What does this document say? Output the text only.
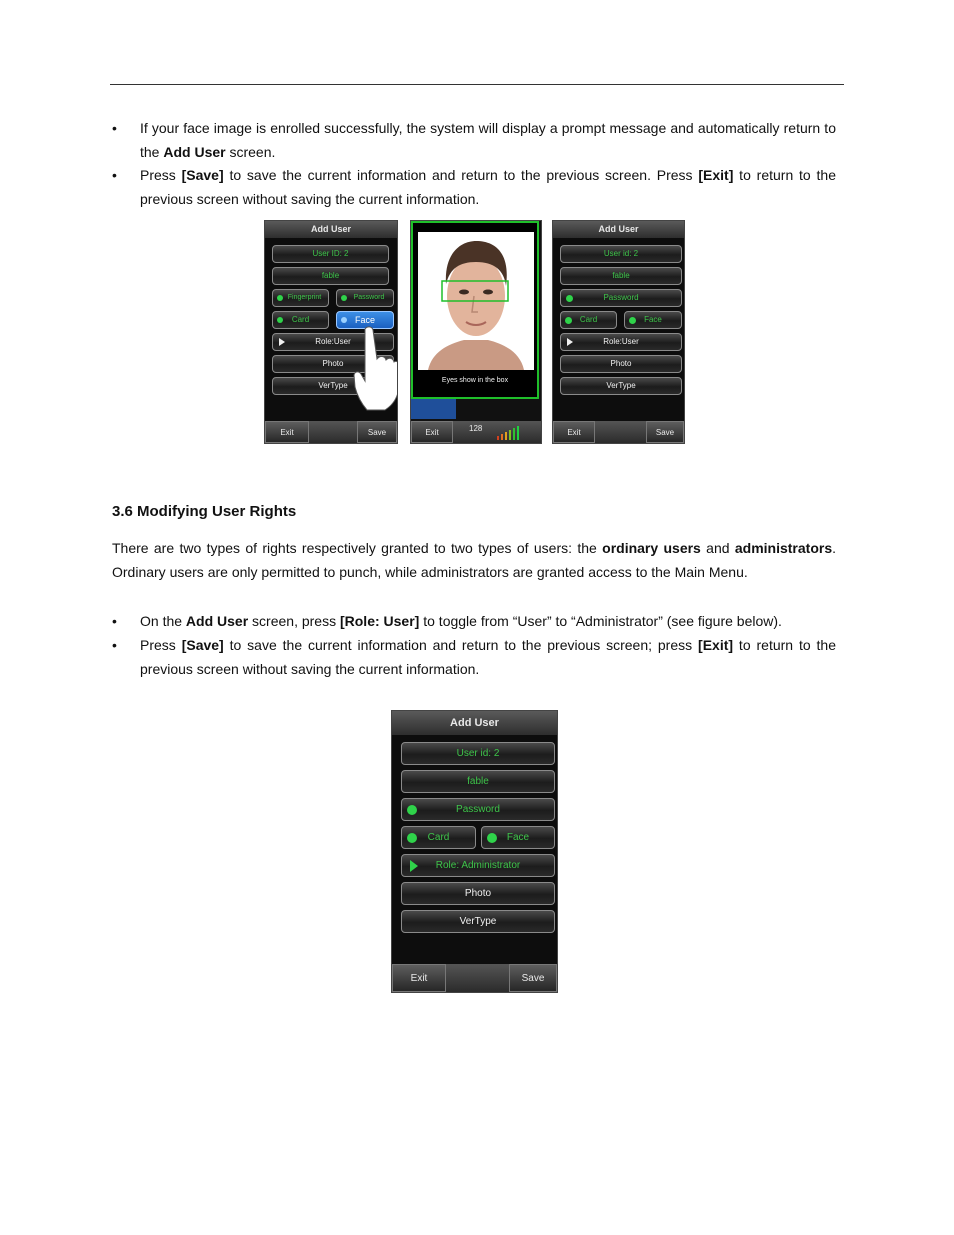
• If your face image is enrolled successfully, the system will display a prompt message and automatically return to the Add User screen.
• Press [Save] to save the current information and return to the previous screen. Press [Exit] to return to the previous screen without saving the current information.
Add User
User ID: 2
fable
Fingerprint	Password
Card	Face
Role:User
Photo
VerType
Exit	Save
Eyes show in the box
Exit	128
Add User
User id: 2
fable
Password
Card	Face
Role:User
Photo
VerType
Exit	Save
3.6 Modifying User Rights
There are two types of rights respectively granted to two types of users: the ordinary users and administrators. Ordinary users are only permitted to punch, while administrators are granted access to the Main Menu.
• On the Add User screen, press [Role: User] to toggle from “User” to “Administrator” (see figure below).
• Press [Save] to save the current information and return to the previous screen; press [Exit] to return to the previous screen without saving the current information.
Add User
User id: 2
fable
Password
Card	Face
Role: Administrator
Photo
VerType
Exit	Save
